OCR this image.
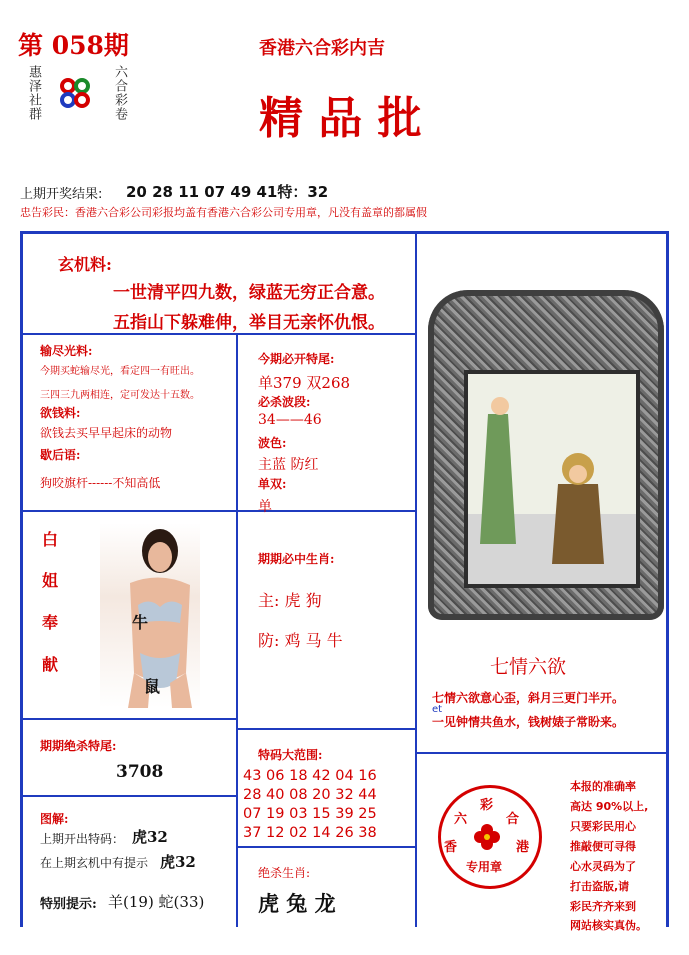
第 058期
惠泽社群	六合彩卷
香港六合彩内吉
精 品 批
上期开奖结果: 20 28 11 07 49 41特：32
忠告彩民：香港六合彩公司彩报均盖有香港六合彩公司专用章，凡没有盖章的都属假
玄机料:
一世清平四九数，绿蓝无穷正合意。
五指山下躲难伸，举目无亲怀仇恨。
输尽光料:
今期买蛇输尽光，看定四一有旺出。
三四三九两相连，定可发达十五数。
欲钱料:
欲钱去买早早起床的动物
歇后语:
狗咬旗杆------不知高低
今期必开特尾:
单379 双268
必杀波段:
34——46
波色:
主蓝 防红
单双:
单
白
姐
奉
献
牛
鼠
期期必中生肖:
主: 虎 狗
防: 鸡 马 牛
七情六欲
七情六欲意心歪，斜月三更门半开。
一见钟情共鱼水，钱树婊子常盼来。
et
期期绝杀特尾:
3708
特码大范围:
43 06 18 42 04 16
28 40 08 20 32 44
07 19 03 15 39 25
37 12 02 14 26 38
图解:
上期开出特码： 虎32
在上期玄机中有提示 虎32
特别提示: 羊(19) 蛇(33)
绝杀生肖:
虎 兔 龙
六
彩
合
香	港
专用章
本报的准确率
高达 90%以上,
只要彩民用心
推敲便可寻得
心水灵码为了
打击盗版,请
彩民齐齐来到
网站核实真伪。
